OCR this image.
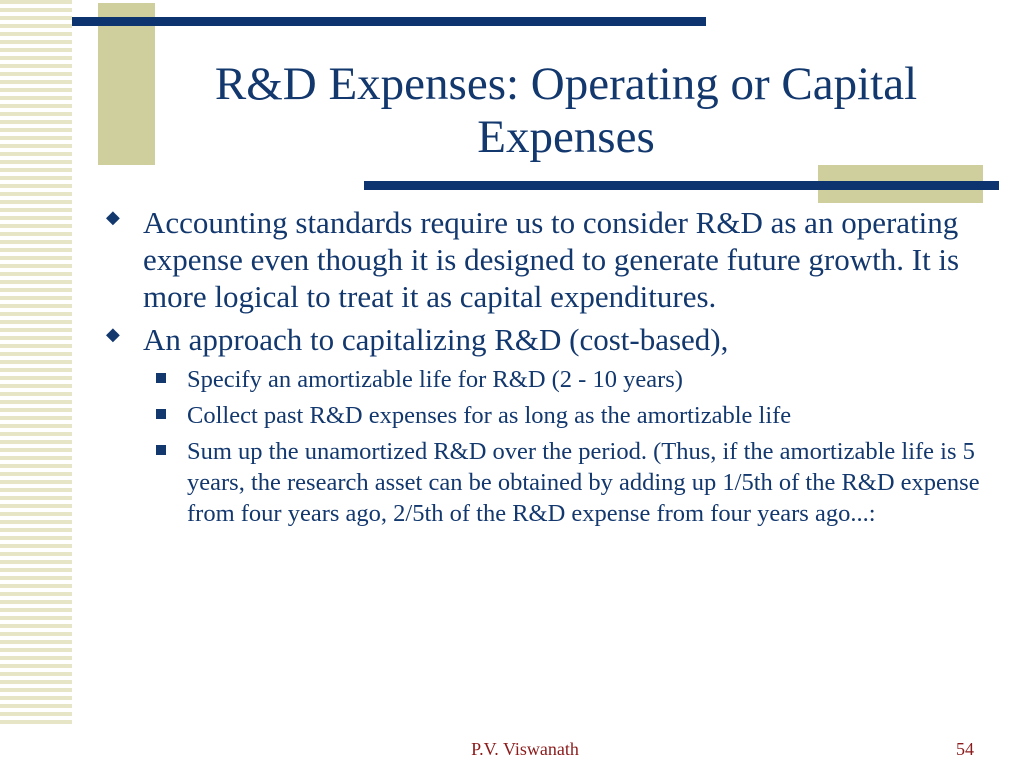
R&D Expenses: Operating or Capital Expenses
◆ Accounting standards require us to consider R&D as an operating expense even though it is designed to generate future growth. It is more logical to treat it as capital expenditures.
◆ An approach to capitalizing R&D (cost-based),
Specify an amortizable life for R&D (2 - 10 years)
Collect past R&D expenses for as long as the amortizable life
Sum up the unamortized R&D over the period. (Thus, if the amortizable life is 5 years, the research asset can be obtained by adding up 1/5th of the R&D expense from four years ago, 2/5th of the R&D expense from four years ago...:
P.V. Viswanath	54
